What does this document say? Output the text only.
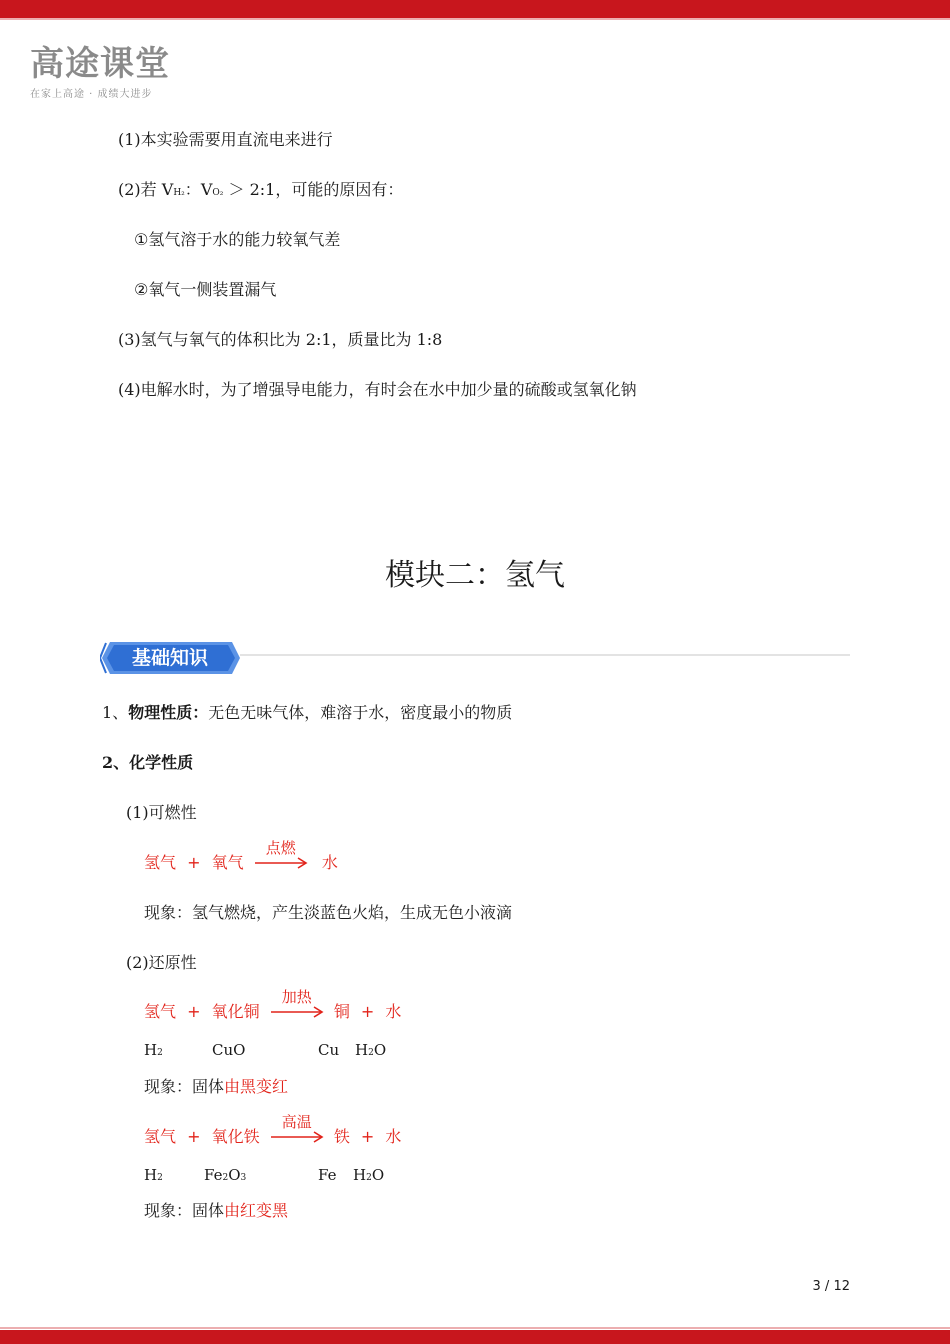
高途课堂
在家上高途 · 成绩大进步
(1)本实验需要用直流电来进行
(2)若 VH₂：VO₂ ＞ 2:1，可能的原因有：
①氢气溶于水的能力较氧气差
②氧气一侧装置漏气
(3)氢气与氧气的体积比为 2:1，质量比为 1:8
(4)电解水时，为了增强导电能力，有时会在水中加少量的硫酸或氢氧化钠
模块二：氢气
基础知识
1、物理性质：无色无味气体，难溶于水，密度最小的物质
2、化学性质
(1)可燃性
氢气 + 氧气
点燃
水
现象：氢气燃烧，产生淡蓝色火焰，生成无色小液滴
(2)还原性
氢气 + 氧化铜
加热
铜 + 水
H2	CuO	Cu H2O
现象：固体由黑变红
氢气 + 氧化铁
高温
铁 + 水
H2	Fe2O3	Fe H2O
现象：固体由红变黑
3 / 12
